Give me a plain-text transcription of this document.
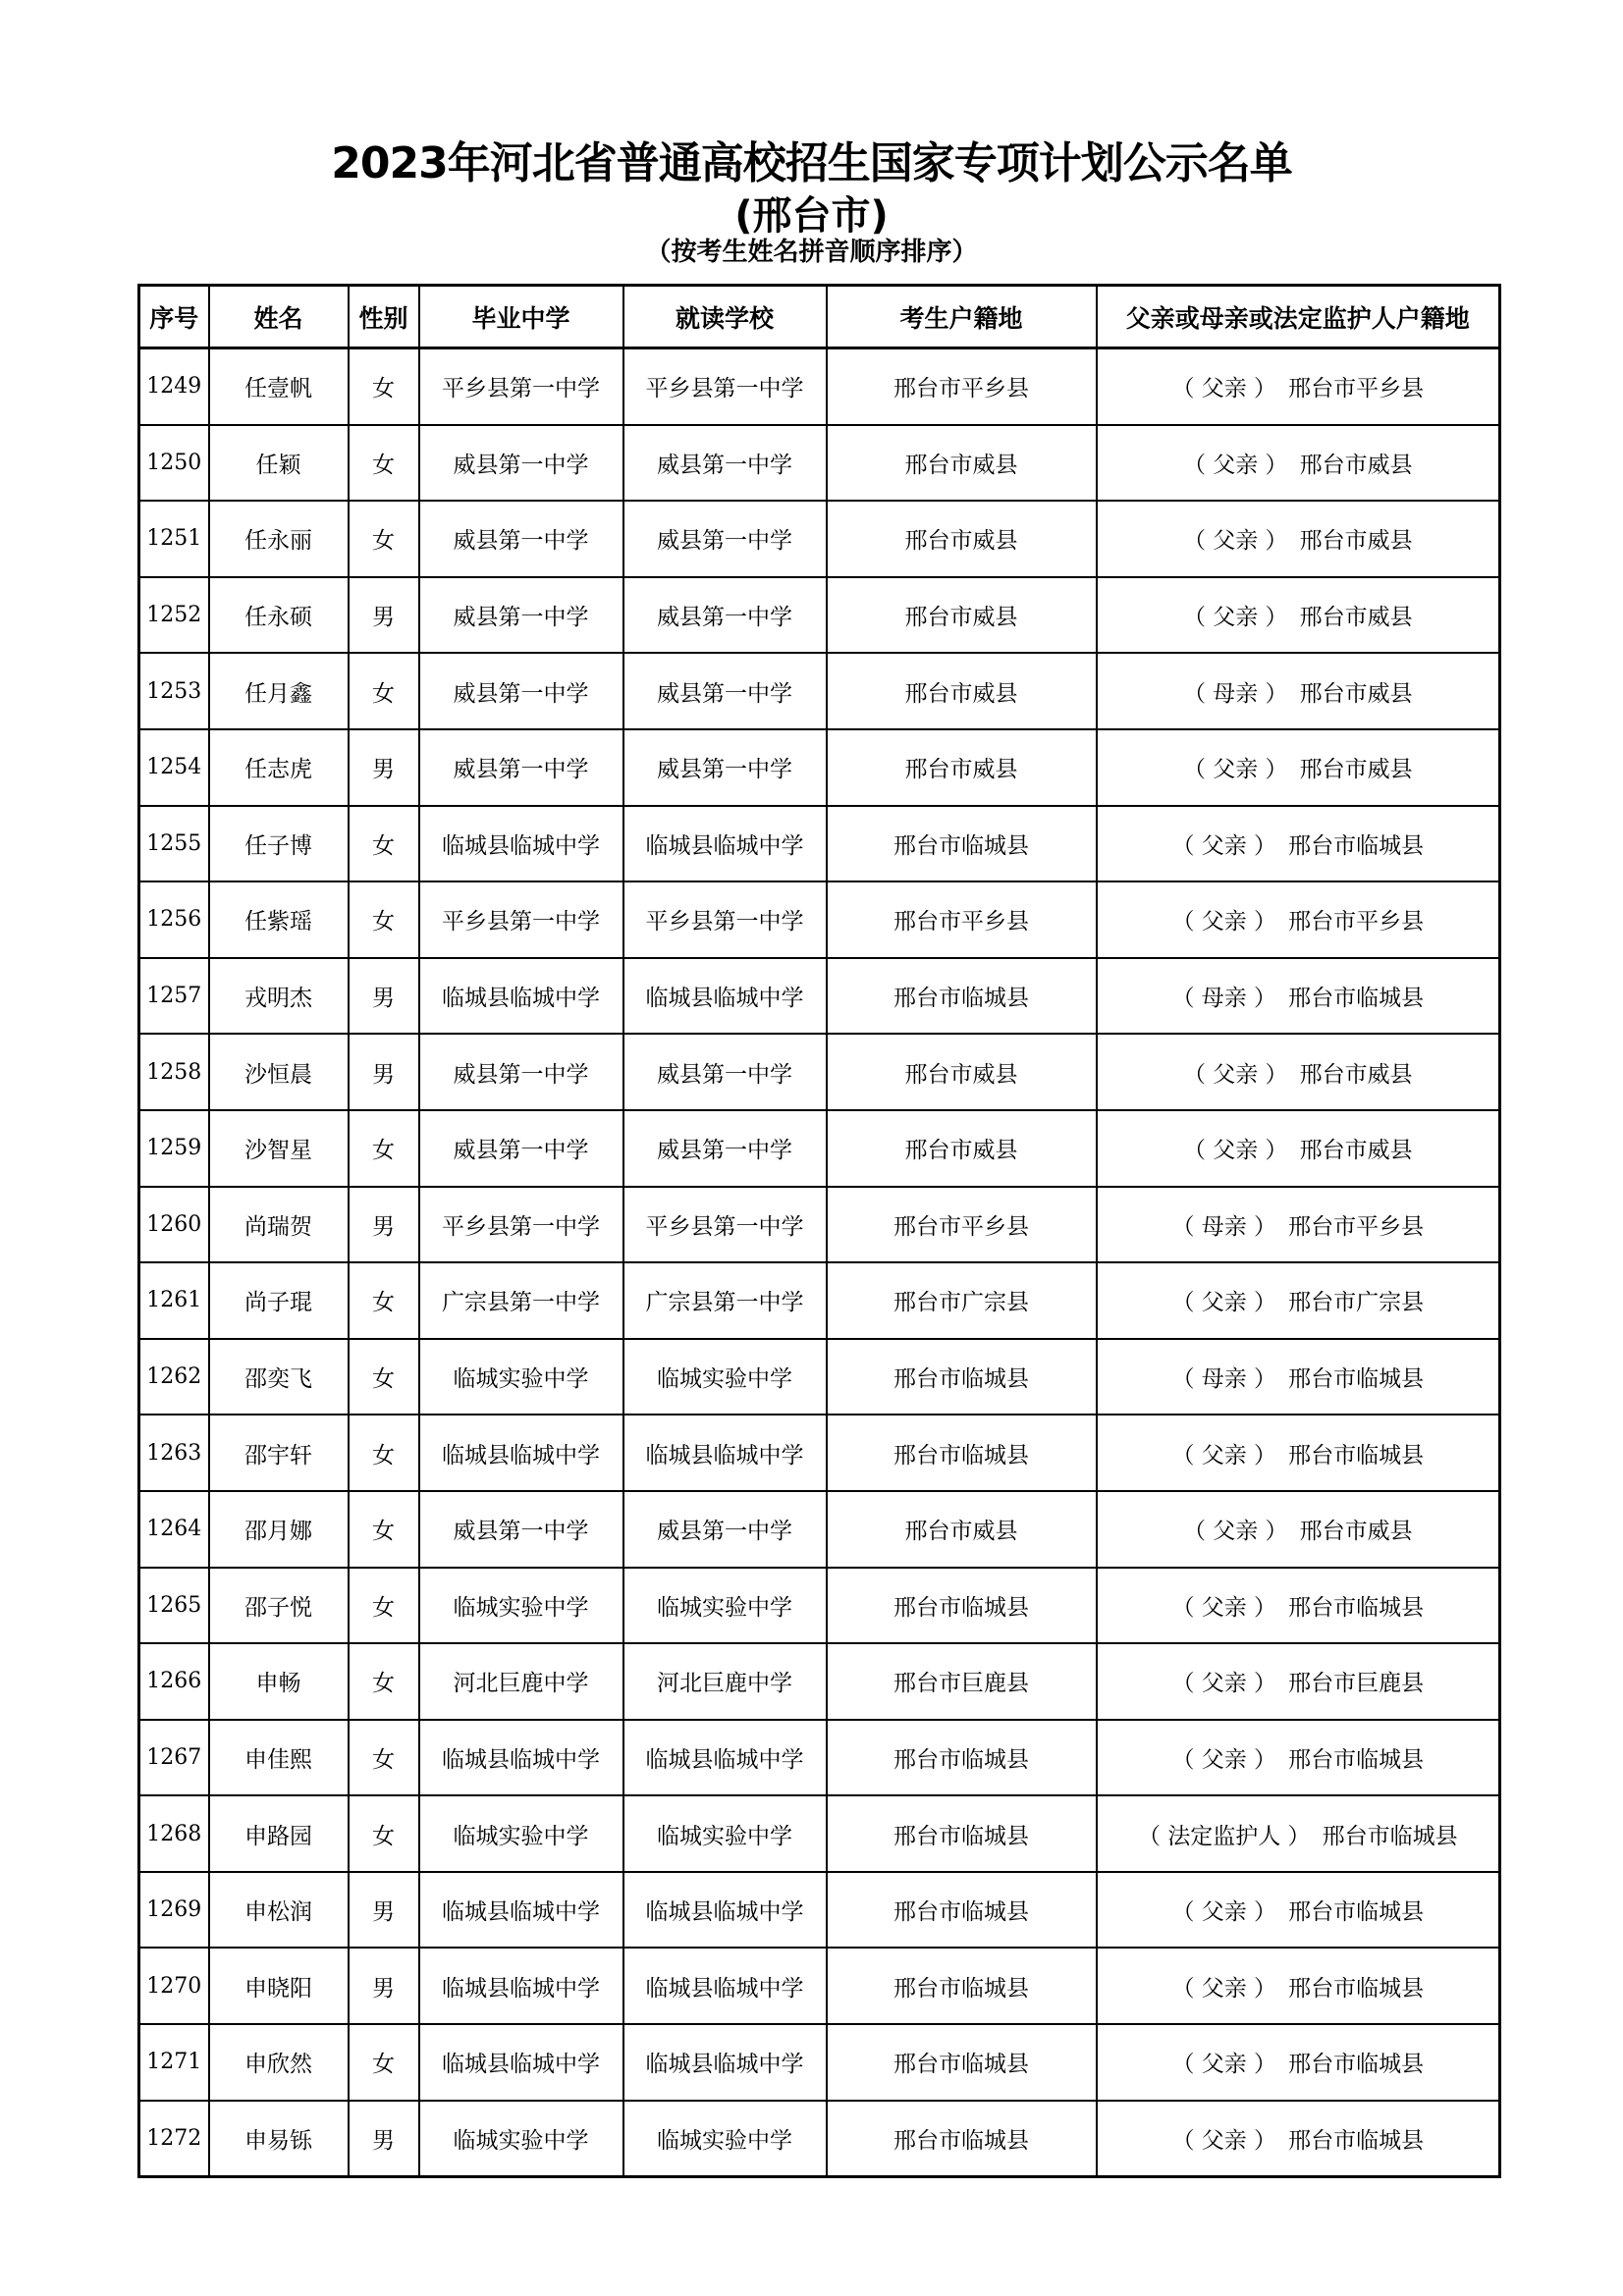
2023年河北省普通高校招生国家专项计划公示名单
(邢台市)
（按考生姓名拼音顺序排序）
序号	姓名	性别	毕业中学	就读学校	考生户籍地	父亲或母亲或法定监护人户籍地
1249	任壹帆	女	平乡县第一中学	平乡县第一中学	邢台市平乡县	（ 父亲 ） 邢台市平乡县
1250	任颖	女	威县第一中学	威县第一中学	邢台市威县	（ 父亲 ） 邢台市威县
1251	任永丽	女	威县第一中学	威县第一中学	邢台市威县	（ 父亲 ） 邢台市威县
1252	任永硕	男	威县第一中学	威县第一中学	邢台市威县	（ 父亲 ） 邢台市威县
1253	任月鑫	女	威县第一中学	威县第一中学	邢台市威县	（ 母亲 ） 邢台市威县
1254	任志虎	男	威县第一中学	威县第一中学	邢台市威县	（ 父亲 ） 邢台市威县
1255	任子博	女	临城县临城中学	临城县临城中学	邢台市临城县	（ 父亲 ） 邢台市临城县
1256	任紫瑶	女	平乡县第一中学	平乡县第一中学	邢台市平乡县	（ 父亲 ） 邢台市平乡县
1257	戎明杰	男	临城县临城中学	临城县临城中学	邢台市临城县	（ 母亲 ） 邢台市临城县
1258	沙恒晨	男	威县第一中学	威县第一中学	邢台市威县	（ 父亲 ） 邢台市威县
1259	沙智星	女	威县第一中学	威县第一中学	邢台市威县	（ 父亲 ） 邢台市威县
1260	尚瑞贺	男	平乡县第一中学	平乡县第一中学	邢台市平乡县	（ 母亲 ） 邢台市平乡县
1261	尚子琨	女	广宗县第一中学	广宗县第一中学	邢台市广宗县	（ 父亲 ） 邢台市广宗县
1262	邵奕飞	女	临城实验中学	临城实验中学	邢台市临城县	（ 母亲 ） 邢台市临城县
1263	邵宇轩	女	临城县临城中学	临城县临城中学	邢台市临城县	（ 父亲 ） 邢台市临城县
1264	邵月娜	女	威县第一中学	威县第一中学	邢台市威县	（ 父亲 ） 邢台市威县
1265	邵子悦	女	临城实验中学	临城实验中学	邢台市临城县	（ 父亲 ） 邢台市临城县
1266	申畅	女	河北巨鹿中学	河北巨鹿中学	邢台市巨鹿县	（ 父亲 ） 邢台市巨鹿县
1267	申佳熙	女	临城县临城中学	临城县临城中学	邢台市临城县	（ 父亲 ） 邢台市临城县
1268	申路园	女	临城实验中学	临城实验中学	邢台市临城县	（ 法定监护人 ） 邢台市临城县
1269	申松润	男	临城县临城中学	临城县临城中学	邢台市临城县	（ 父亲 ） 邢台市临城县
1270	申晓阳	男	临城县临城中学	临城县临城中学	邢台市临城县	（ 父亲 ） 邢台市临城县
1271	申欣然	女	临城县临城中学	临城县临城中学	邢台市临城县	（ 父亲 ） 邢台市临城县
1272	申易铄	男	临城实验中学	临城实验中学	邢台市临城县	（ 父亲 ） 邢台市临城县
